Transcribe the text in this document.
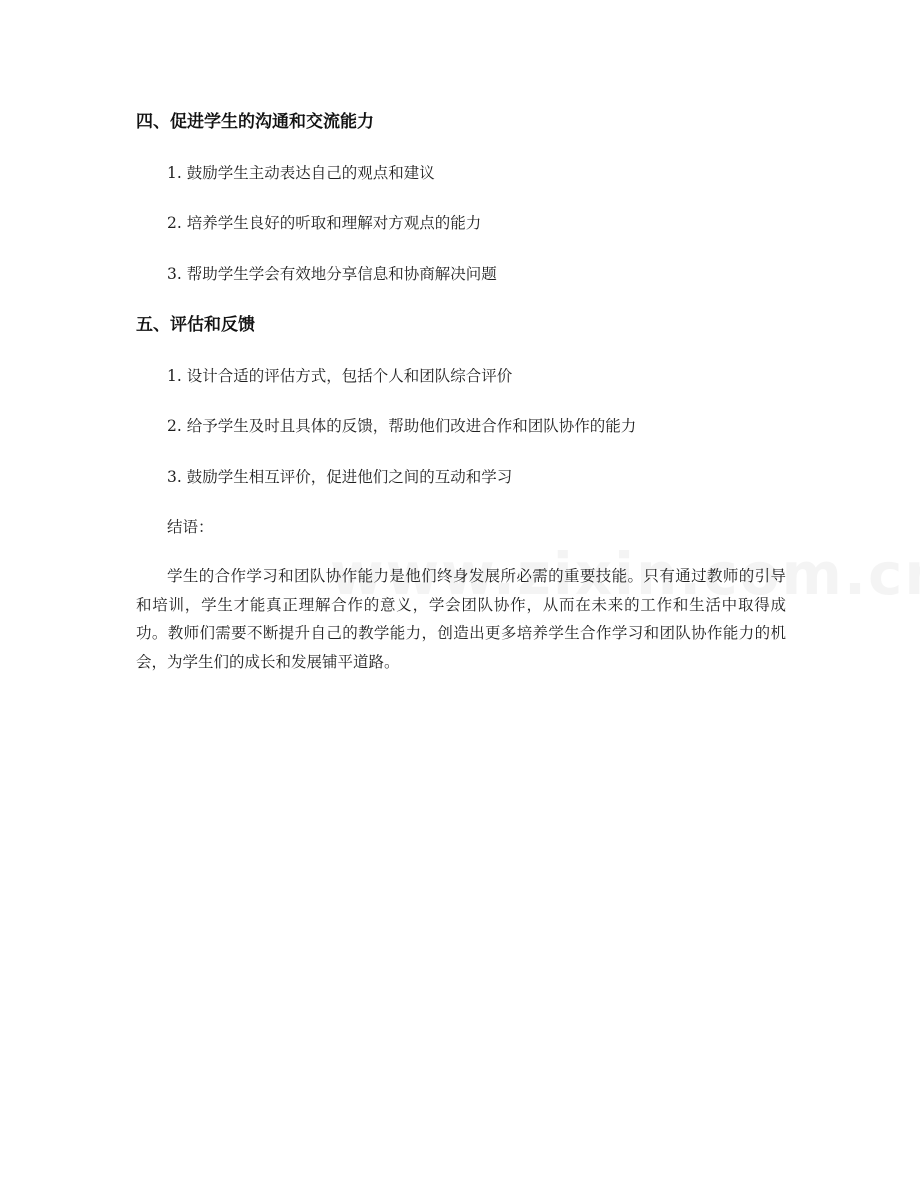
四、促进学生的沟通和交流能力

1. 鼓励学生主动表达自己的观点和建议

2. 培养学生良好的听取和理解对方观点的能力

3. 帮助学生学会有效地分享信息和协商解决问题

五、评估和反馈

1. 设计合适的评估方式，包括个人和团队综合评价

2. 给予学生及时且具体的反馈，帮助他们改进合作和团队协作的能力

3. 鼓励学生相互评价，促进他们之间的互动和学习

结语：

学生的合作学习和团队协作能力是他们终身发展所必需的重要技能。只有通过教师的引导和培训，学生才能真正理解合作的意义，学会团队协作，从而在未来的工作和生活中取得成功。教师们需要不断提升自己的教学能力，创造出更多培养学生合作学习和团队协作能力的机会，为学生们的成长和发展铺平道路。
